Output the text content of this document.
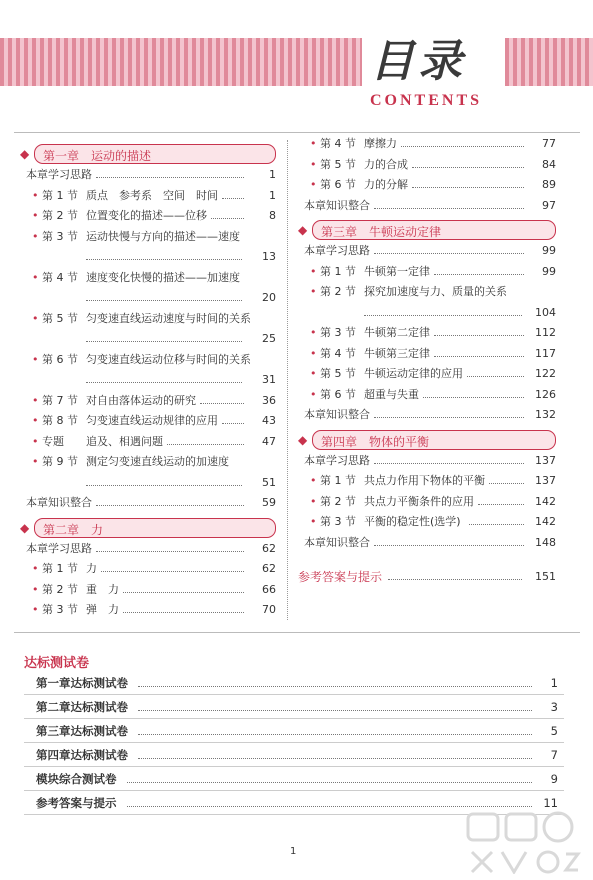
目录
CONTENTS
◆ 第一章　运动的描述
本章学习思路	1
• 第 1 节 质点　参考系　空间　时间	1
• 第 2 节 位置变化的描述——位移	8
• 第 3 节 运动快慢与方向的描述——速度
13
• 第 4 节 速度变化快慢的描述——加速度
20
• 第 5 节 匀变速直线运动速度与时间的关系
25
• 第 6 节 匀变速直线运动位移与时间的关系
31
• 第 7 节 对自由落体运动的研究	36
• 第 8 节 匀变速直线运动规律的应用	43
• 专题 追及、相遇问题	47
• 第 9 节 测定匀变速直线运动的加速度
51
本章知识整合	59
◆ 第二章　力
本章学习思路	62
• 第 1 节 力	62
• 第 2 节 重　力	66
• 第 3 节 弹　力	70
• 第 4 节 摩擦力	77
• 第 5 节 力的合成	84
• 第 6 节 力的分解	89
本章知识整合	97
◆ 第三章　牛顿运动定律
本章学习思路	99
• 第 1 节 牛顿第一定律	99
• 第 2 节 探究加速度与力、质量的关系
104
• 第 3 节 牛顿第二定律	112
• 第 4 节 牛顿第三定律	117
• 第 5 节 牛顿运动定律的应用	122
• 第 6 节 超重与失重	126
本章知识整合	132
◆ 第四章　物体的平衡
本章学习思路	137
• 第 1 节 共点力作用下物体的平衡	137
• 第 2 节 共点力平衡条件的应用	142
• 第 3 节 平衡的稳定性(选学)	142
本章知识整合	148
参考答案与提示	151
达标测试卷
第一章达标测试卷	1
第二章达标测试卷	3
第三章达标测试卷	5
第四章达标测试卷	7
模块综合测试卷	9
参考答案与提示	11
1
